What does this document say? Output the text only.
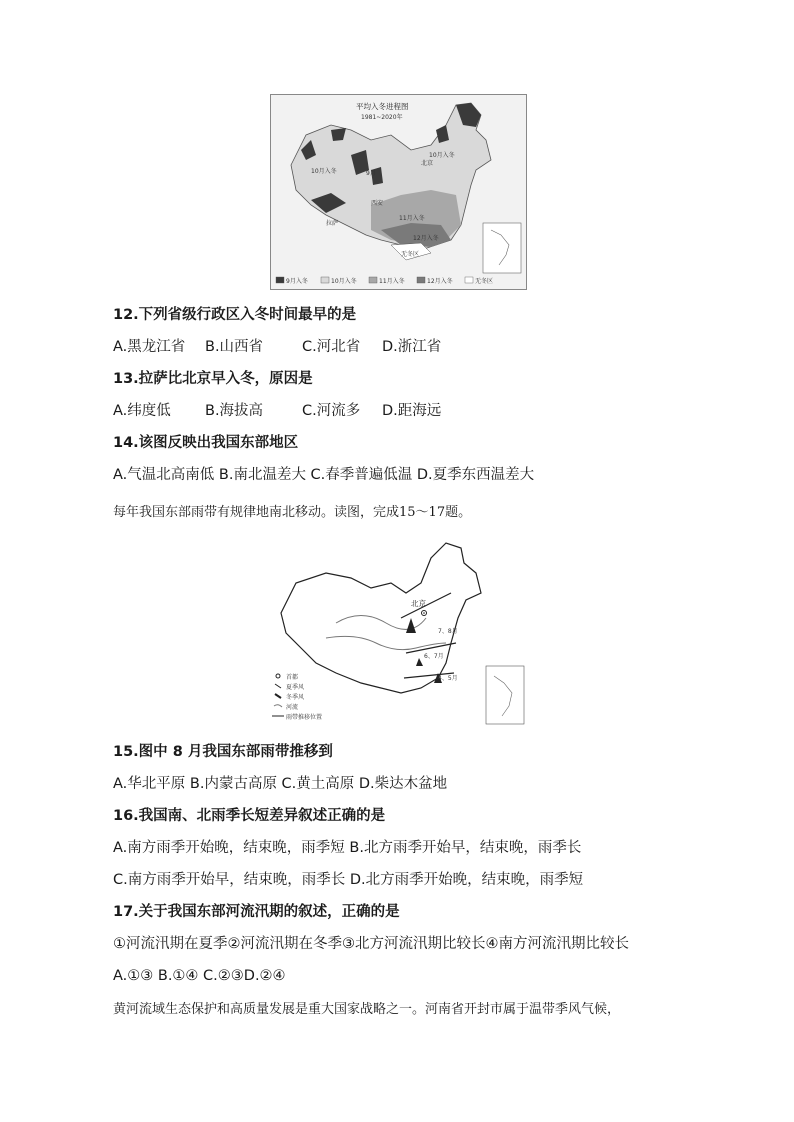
平均入冬进程图
1981~2020年
10月入冬
10月入冬
北京
11月入冬
12月入冬
无冬区
西安
拉萨
9月
9月入冬	10月入冬	11月入冬	12月入冬	无冬区
12.下列省级行政区入冬时间最早的是
A.黑龙江省 B.山西省	C.河北省 D.浙江省
13.拉萨比北京早入冬，原因是
A.纬度低 B.海拔高	C.河流多 D.距海远
14.该图反映出我国东部地区
A.气温北高南低 B.南北温差大 C.春季普遍低温 D.夏季东西温差大
每年我国东部雨带有规律地南北移动。读图，完成15～17题。
北京
7、8月
6、7月
4、5月
首都
夏季风
冬季风
河流
雨带推移位置
15.图中 8 月我国东部雨带推移到
A.华北平原 B.内蒙古高原 C.黄土高原 D.柴达木盆地
16.我国南、北雨季长短差异叙述正确的是
A.南方雨季开始晚，结束晚，雨季短 B.北方雨季开始早，结束晚，雨季长
C.南方雨季开始早，结束晚，雨季长 D.北方雨季开始晚，结束晚，雨季短
17.关于我国东部河流汛期的叙述，正确的是
①河流汛期在夏季②河流汛期在冬季③北方河流汛期比较长④南方河流汛期比较长
A.①③ B.①④ C.②③D.②④
黄河流域生态保护和高质量发展是重大国家战略之一。河南省开封市属于温带季风气候，
